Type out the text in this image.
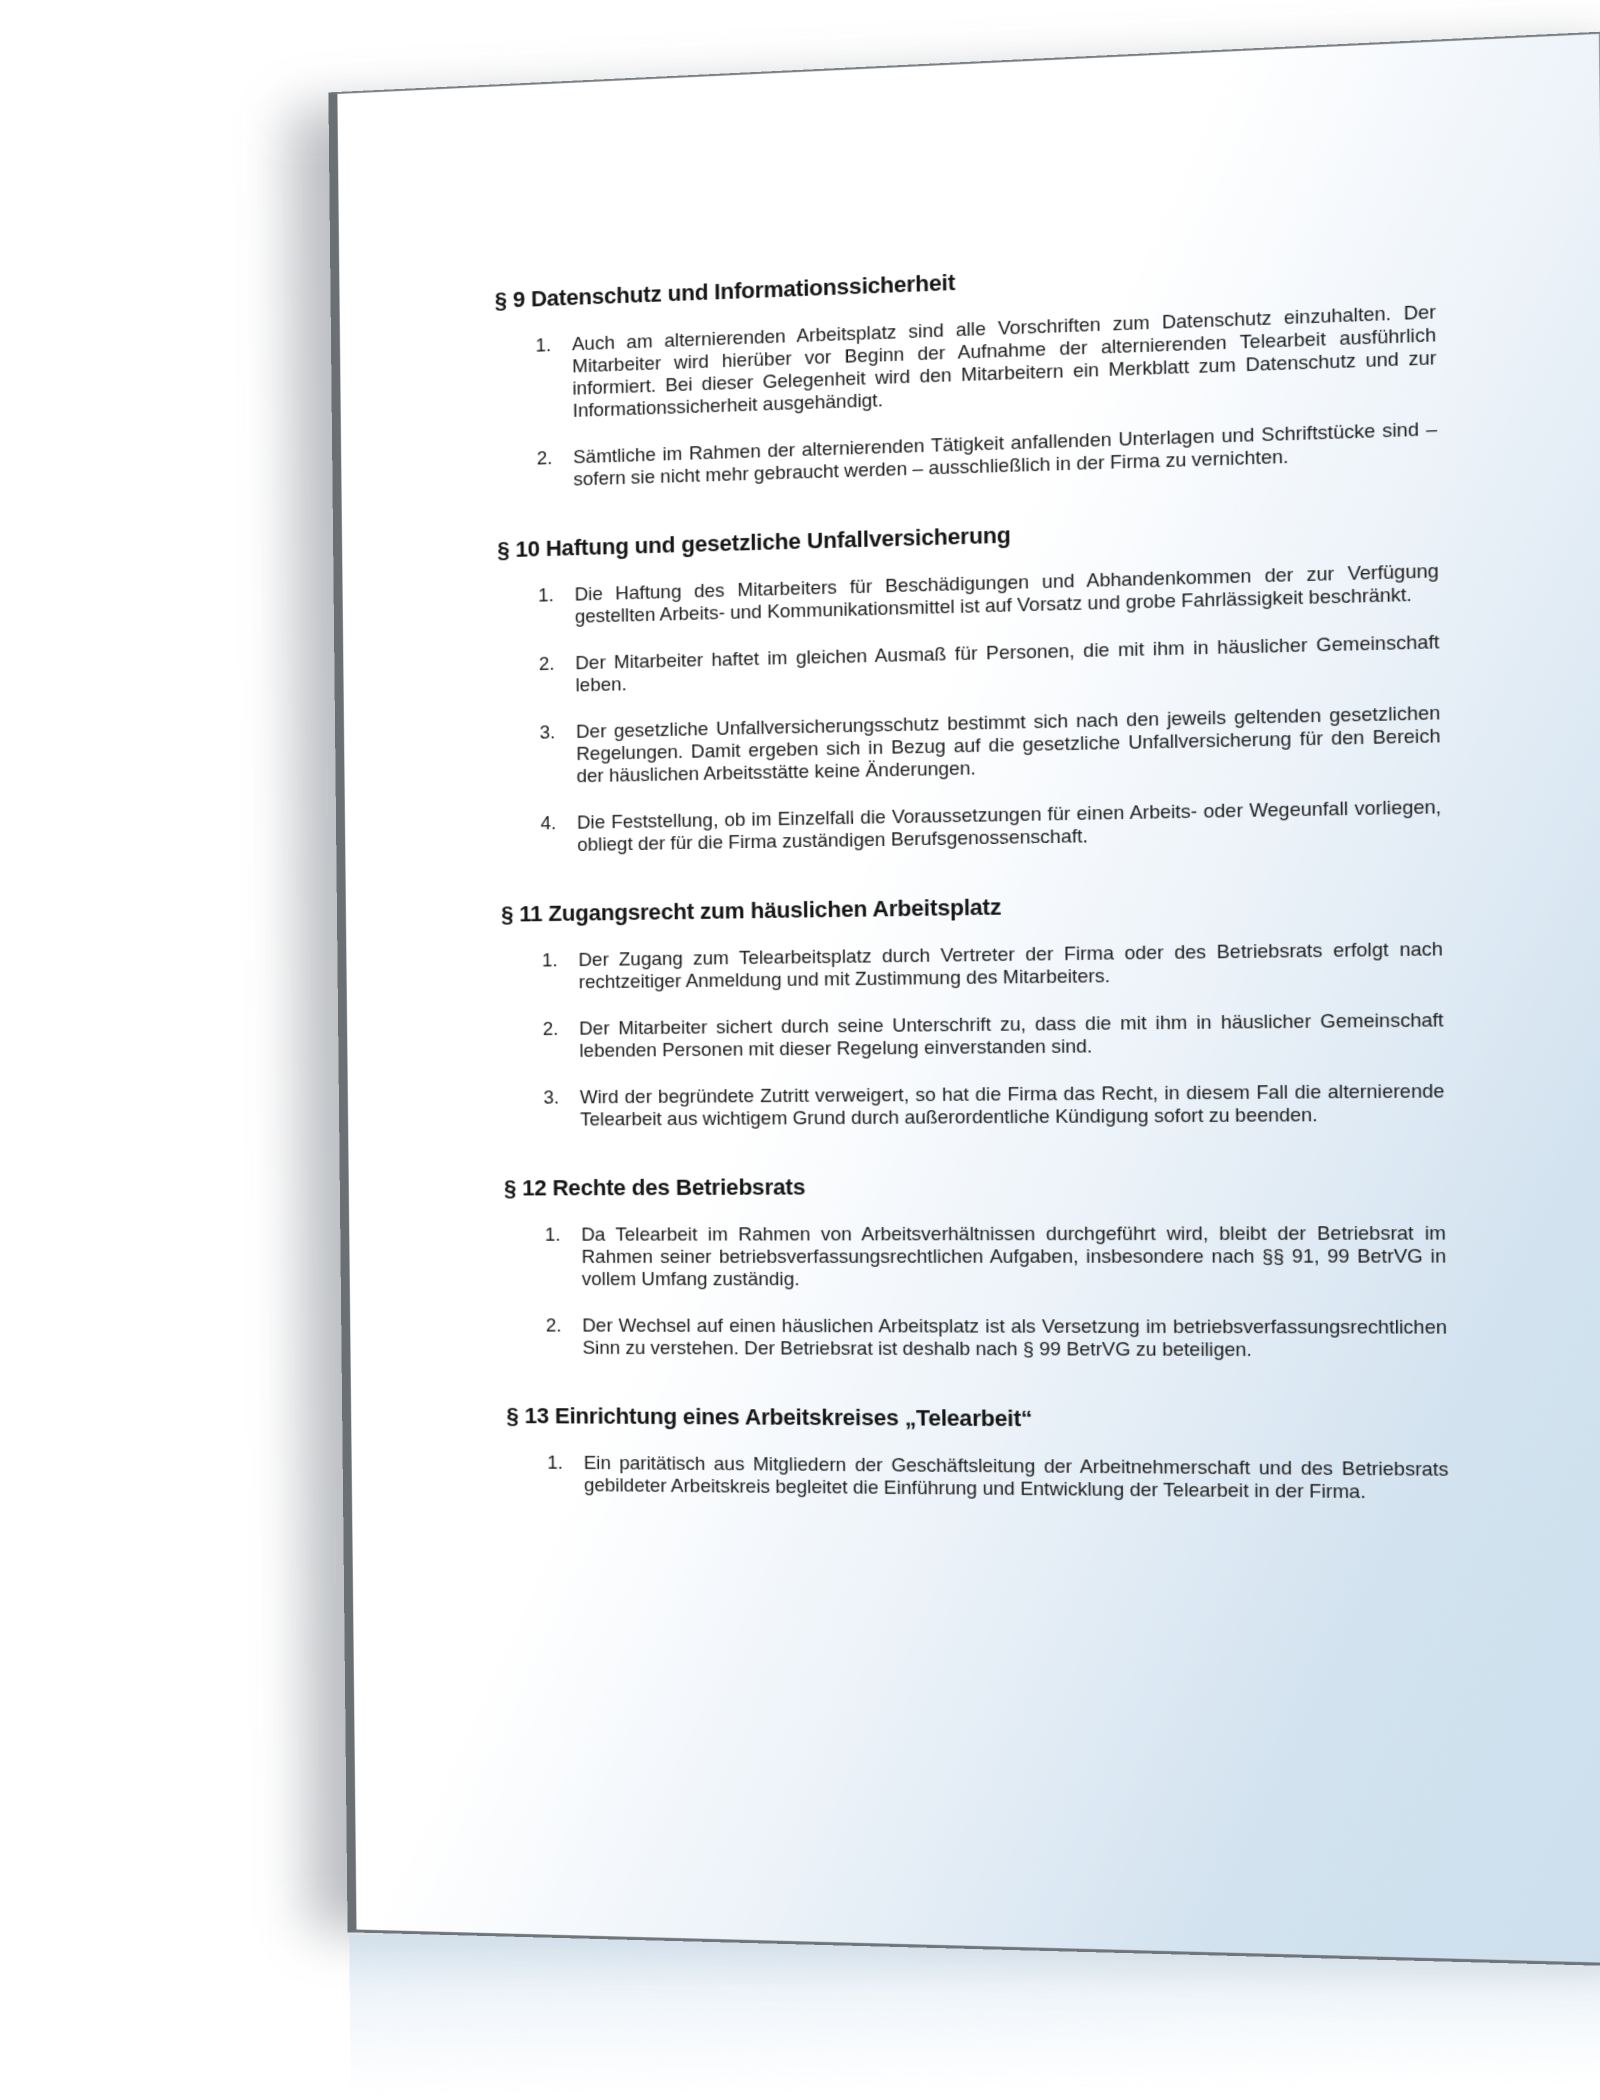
§ 9 Datenschutz und Informationssicherheit
1.	Auch am alternierenden Arbeitsplatz sind alle Vorschriften zum Datenschutz einzuhalten. Der Mitarbeiter wird hierüber vor Beginn der Aufnahme der alternierenden Telearbeit ausführlich informiert. Bei dieser Gelegenheit wird den Mitarbeitern ein Merkblatt zum Datenschutz und zur Informationssicherheit ausgehändigt.
2.	Sämtliche im Rahmen der alternierenden Tätigkeit anfallenden Unterlagen und Schriftstücke sind – sofern sie nicht mehr gebraucht werden – ausschließlich in der Firma zu vernichten.
§ 10 Haftung und gesetzliche Unfallversicherung
1.	Die Haftung des Mitarbeiters für Beschädigungen und Abhandenkommen der zur Verfügung gestellten Arbeits- und Kommunikationsmittel ist auf Vorsatz und grobe Fahrlässigkeit beschränkt.
2.	Der Mitarbeiter haftet im gleichen Ausmaß für Personen, die mit ihm in häuslicher Gemeinschaft leben.
3.	Der gesetzliche Unfallversicherungsschutz bestimmt sich nach den jeweils geltenden gesetzlichen Regelungen. Damit ergeben sich in Bezug auf die gesetzliche Unfallversicherung für den Bereich der häuslichen Arbeitsstätte keine Änderungen.
4.	Die Feststellung, ob im Einzelfall die Voraussetzungen für einen Arbeits- oder Wegeunfall vorliegen, obliegt der für die Firma zuständigen Berufsgenossenschaft.
§ 11 Zugangsrecht zum häuslichen Arbeitsplatz
1.	Der Zugang zum Telearbeitsplatz durch Vertreter der Firma oder des Betriebsrats erfolgt nach rechtzeitiger Anmeldung und mit Zustimmung des Mitarbeiters.
2.	Der Mitarbeiter sichert durch seine Unterschrift zu, dass die mit ihm in häuslicher Gemeinschaft lebenden Personen mit dieser Regelung einverstanden sind.
3.	Wird der begründete Zutritt verweigert, so hat die Firma das Recht, in diesem Fall die alternierende Telearbeit aus wichtigem Grund durch außerordentliche Kündigung sofort zu beenden.
§ 12 Rechte des Betriebsrats
1.	Da Telearbeit im Rahmen von Arbeitsverhältnissen durchgeführt wird, bleibt der Betriebsrat im Rahmen seiner betriebsverfassungsrechtlichen Aufgaben, insbesondere nach §§ 91, 99 BetrVG in vollem Umfang zuständig.
2.	Der Wechsel auf einen häuslichen Arbeitsplatz ist als Versetzung im betriebsverfassungsrechtlichen Sinn zu verstehen. Der Betriebsrat ist deshalb nach § 99 BetrVG zu beteiligen.
§ 13 Einrichtung eines Arbeitskreises „Telearbeit“
1.	Ein paritätisch aus Mitgliedern der Geschäftsleitung der Arbeitnehmerschaft und des Betriebsrats gebildeter Arbeitskreis begleitet die Einführung und Entwicklung der Telearbeit in der Firma.
